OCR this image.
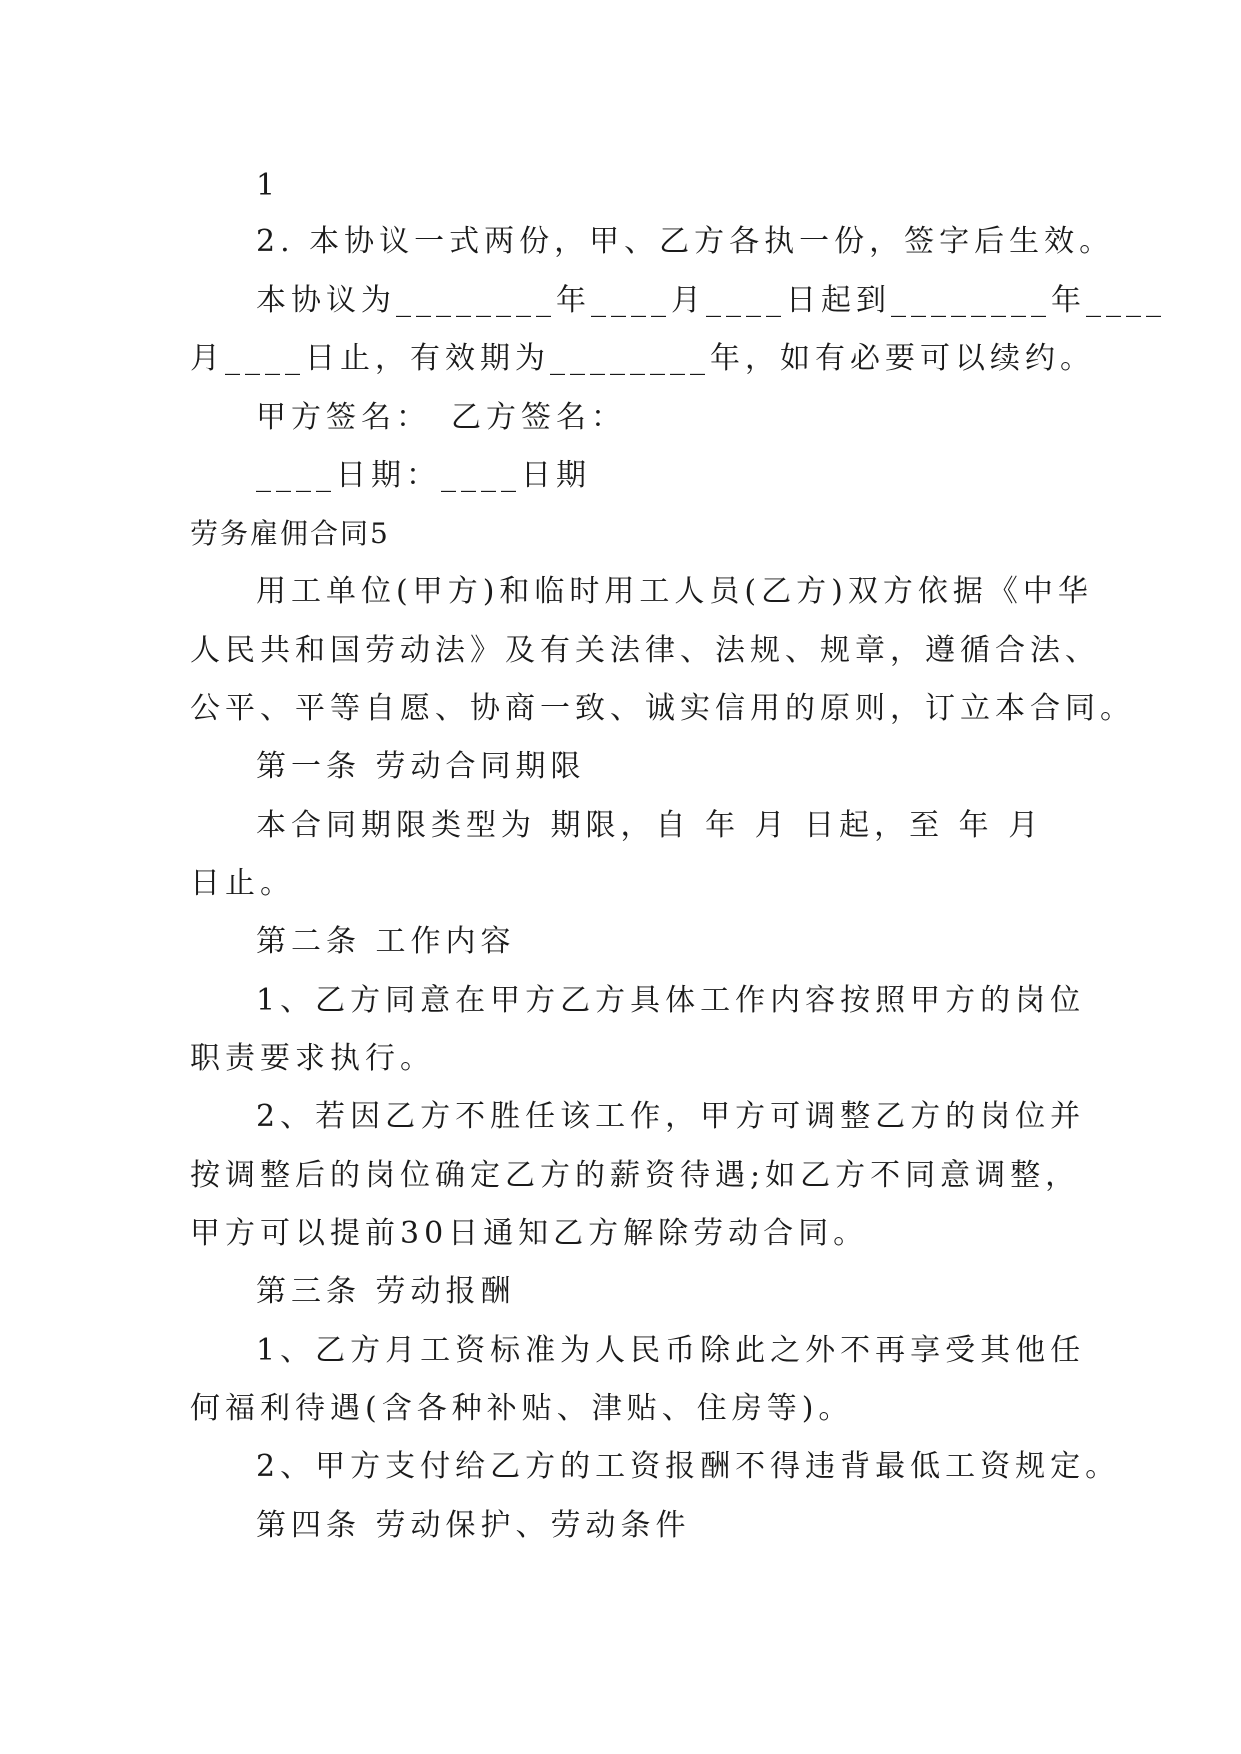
1
2. 本协议一式两份，甲、乙方各执一份，签字后生效。
本协议为________年____月____日起到________年____
月____日止，有效期为________年，如有必要可以续约。
甲方签名：　乙方签名：
____日期：____日期
劳务雇佣合同5
用工单位(甲方)和临时用工人员(乙方)双方依据《中华
人民共和国劳动法》及有关法律、法规、规章，遵循合法、
公平、平等自愿、协商一致、诚实信用的原则，订立本合同。
第一条 劳动合同期限
本合同期限类型为 期限，自 年 月 日起，至 年 月
日止。
第二条 工作内容
1、乙方同意在甲方乙方具体工作内容按照甲方的岗位
职责要求执行。
2、若因乙方不胜任该工作，甲方可调整乙方的岗位并
按调整后的岗位确定乙方的薪资待遇;如乙方不同意调整，
甲方可以提前30日通知乙方解除劳动合同。
第三条 劳动报酬
1、乙方月工资标准为人民币除此之外不再享受其他任
何福利待遇(含各种补贴、津贴、住房等)。
2、甲方支付给乙方的工资报酬不得违背最低工资规定。
第四条 劳动保护、劳动条件
